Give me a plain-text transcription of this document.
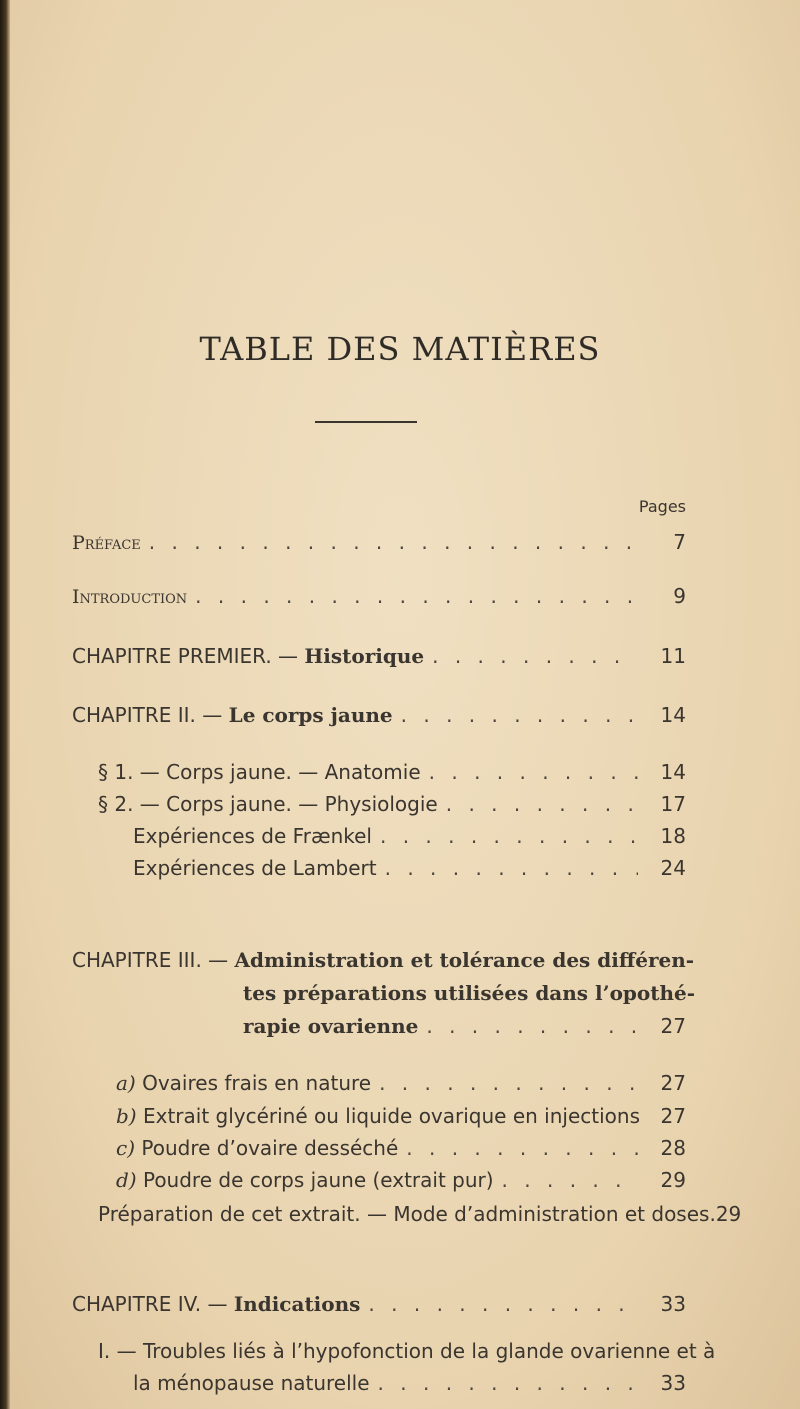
TABLE DES MATIÈRES
Pages
Préface . . .	7
Introduction . . .	9
CHAPITRE PREMIER. — Historique . . .	11
CHAPITRE II. — Le corps jaune . . .	14
§ 1. — Corps jaune. — Anatomie . . .	14
§ 2. — Corps jaune. — Physiologie . . .	17
Expériences de Frænkel . . .	18
Expériences de Lambert . . .	24
CHAPITRE III. — Administration et tolérance des différen-
tes préparations utilisées dans l’opothé-
rapie ovarienne . . .	27
a) Ovaires frais en nature . . .	27
b) Extrait glycériné ou liquide ovarique en injections 27
c) Poudre d’ovaire desséché . . .	28
d) Poudre de corps jaune (extrait pur) . . .	29
Préparation de cet extrait. — Mode d’administration et doses. 29
CHAPITRE IV. — Indications . . .	33
I. — Troubles liés à l’hypofonction de la glande ovarienne et à
la ménopause naturelle . . .	33
